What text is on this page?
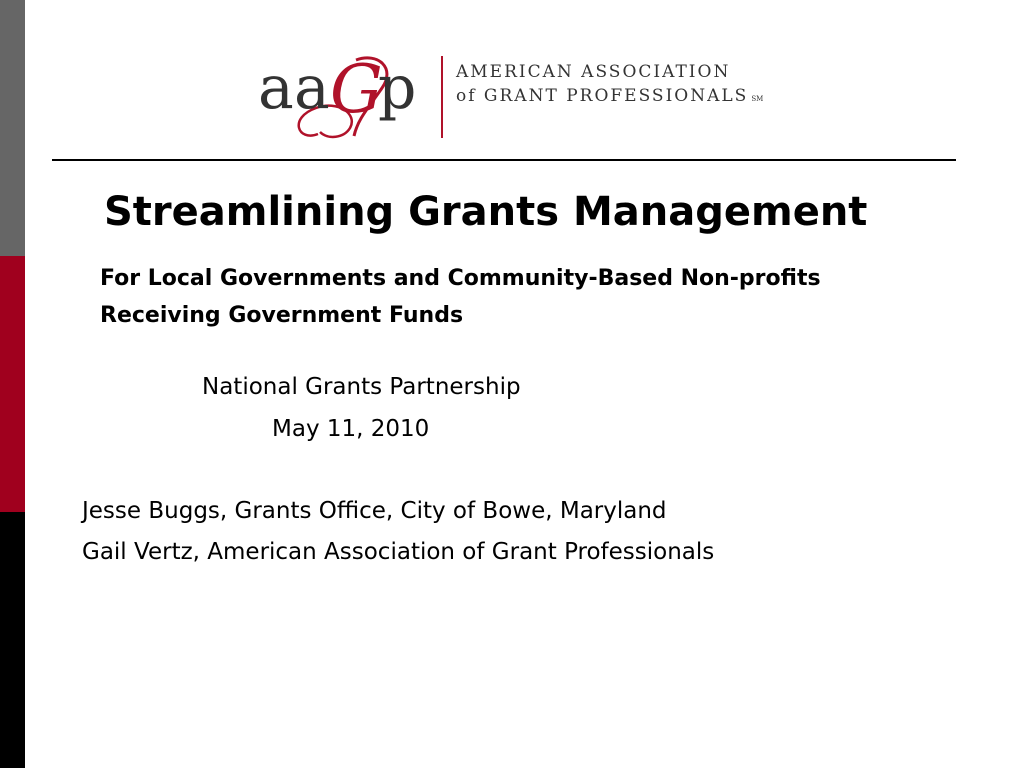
a a G
p AMERICAN ASSOCIATION
of GRANT PROFESSIONALS SM
Streamlining Grants Management
For Local Governments and Community-Based Non-profits Receiving Government Funds
National Grants Partnership
May 11, 2010
Jesse Buggs, Grants Office, City of Bowe, Maryland
Gail Vertz, American Association of Grant Professionals
